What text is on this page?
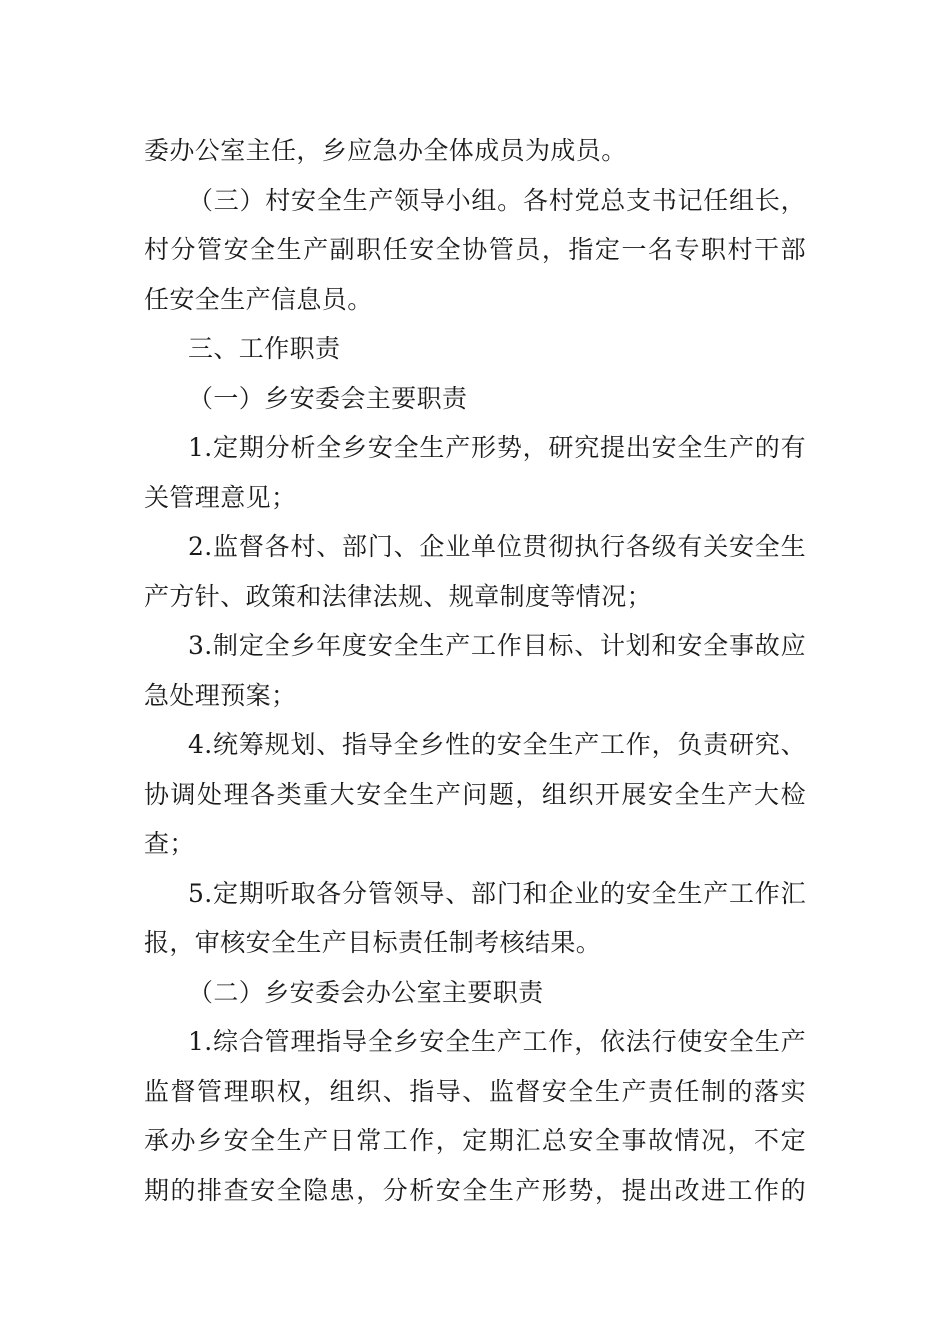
委办公室主任，乡应急办全体成员为成员。
（三）村安全生产领导小组。各村党总支书记任组长，
村分管安全生产副职任安全协管员，指定一名专职村干部
任安全生产信息员。
三、工作职责
（一）乡安委会主要职责
1.定期分析全乡安全生产形势，研究提出安全生产的有
关管理意见；
2.监督各村、部门、企业单位贯彻执行各级有关安全生
产方针、政策和法律法规、规章制度等情况；
3.制定全乡年度安全生产工作目标、计划和安全事故应
急处理预案；
4.统筹规划、指导全乡性的安全生产工作，负责研究、
协调处理各类重大安全生产问题，组织开展安全生产大检
查；
5.定期听取各分管领导、部门和企业的安全生产工作汇
报，审核安全生产目标责任制考核结果。
（二）乡安委会办公室主要职责
1.综合管理指导全乡安全生产工作，依法行使安全生产
监督管理职权，组织、指导、监督安全生产责任制的落实
承办乡安全生产日常工作，定期汇总安全事故情况，不定
期的排查安全隐患，分析安全生产形势，提出改进工作的
